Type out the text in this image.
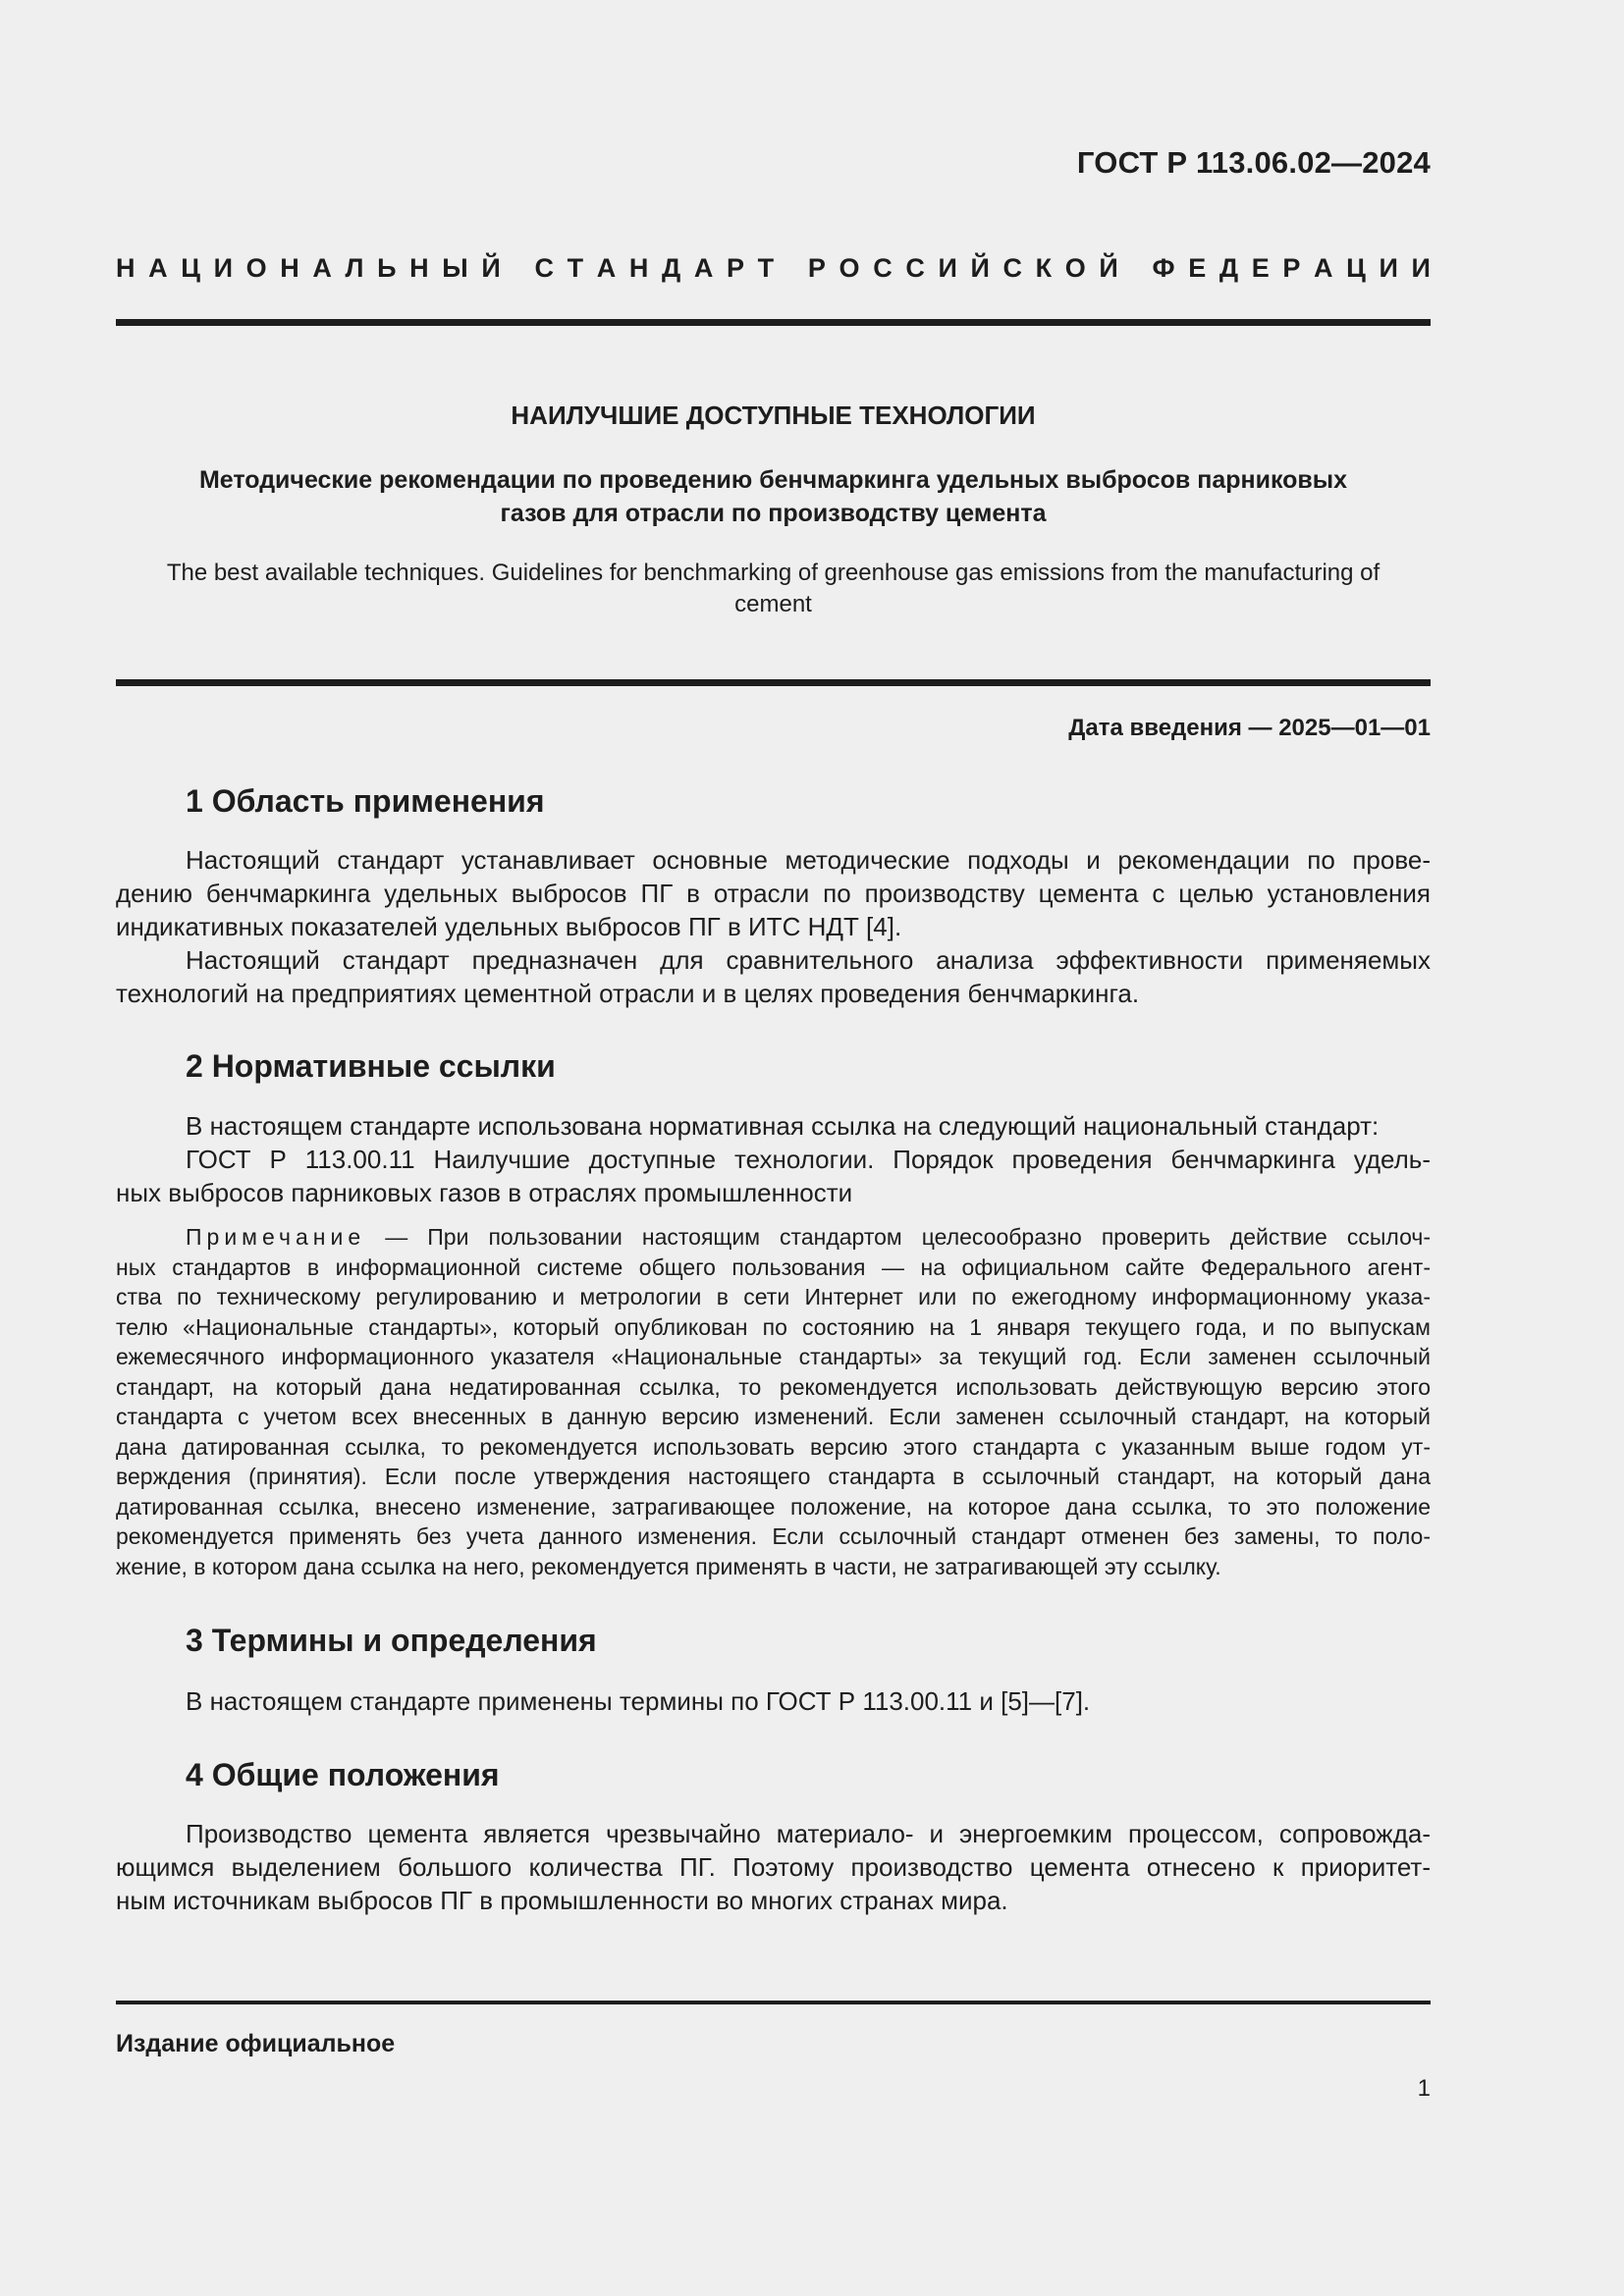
ГОСТ Р 113.06.02—2024
Н А Ц И О Н А Л Ь Н Ы Й
С Т А Н Д А Р Т
Р О С С И Й С К О Й
Ф Е Д Е Р А Ц И И
НАИЛУЧШИЕ ДОСТУПНЫЕ ТЕХНОЛОГИИ
Методические рекомендации по проведению бенчмаркинга удельных выбросов парниковых
газов для отрасли по производству цемента
The best available techniques. Guidelines for benchmarking of greenhouse gas emissions from the manufacturing of
cement
Дата введения — 2025—01—01
1 Область применения
Настоящий стандарт устанавливает основные методические подходы и рекомендации по прове-
дению бенчмаркинга удельных выбросов ПГ в отрасли по производству цемента с целью установления
индикативных показателей удельных выбросов ПГ в ИТС НДТ [4].
Настоящий стандарт предназначен для сравнительного анализа эффективности применяемых
технологий на предприятиях цементной отрасли и в целях проведения бенчмаркинга.
2 Нормативные ссылки
В настоящем стандарте использована нормативная ссылка на следующий национальный стандарт:
ГОСТ Р 113.00.11 Наилучшие доступные технологии. Порядок проведения бенчмаркинга удель-
ных выбросов парниковых газов в отраслях промышленности
Примечание — При пользовании настоящим стандартом целесообразно проверить действие ссылоч-
ных стандартов в информационной системе общего пользования — на официальном сайте Федерального агент-
ства по техническому регулированию и метрологии в сети Интернет или по ежегодному информационному указа-
телю «Национальные стандарты», который опубликован по состоянию на 1 января текущего года, и по выпускам
ежемесячного информационного указателя «Национальные стандарты» за текущий год. Если заменен ссылочный
стандарт, на который дана недатированная ссылка, то рекомендуется использовать действующую версию этого
стандарта с учетом всех внесенных в данную версию изменений. Если заменен ссылочный стандарт, на который
дана датированная ссылка, то рекомендуется использовать версию этого стандарта с указанным выше годом ут-
верждения (принятия). Если после утверждения настоящего стандарта в ссылочный стандарт, на который дана
датированная ссылка, внесено изменение, затрагивающее положение, на которое дана ссылка, то это положение
рекомендуется применять без учета данного изменения. Если ссылочный стандарт отменен без замены, то поло-
жение, в котором дана ссылка на него, рекомендуется применять в части, не затрагивающей эту ссылку.
3 Термины и определения
В настоящем стандарте применены термины по ГОСТ Р 113.00.11 и [5]—[7].
4 Общие положения
Производство цемента является чрезвычайно материало- и энергоемким процессом, сопровожда-
ющимся выделением большого количества ПГ. Поэтому производство цемента отнесено к приоритет-
ным источникам выбросов ПГ в промышленности во многих странах мира.
Издание официальное
1
